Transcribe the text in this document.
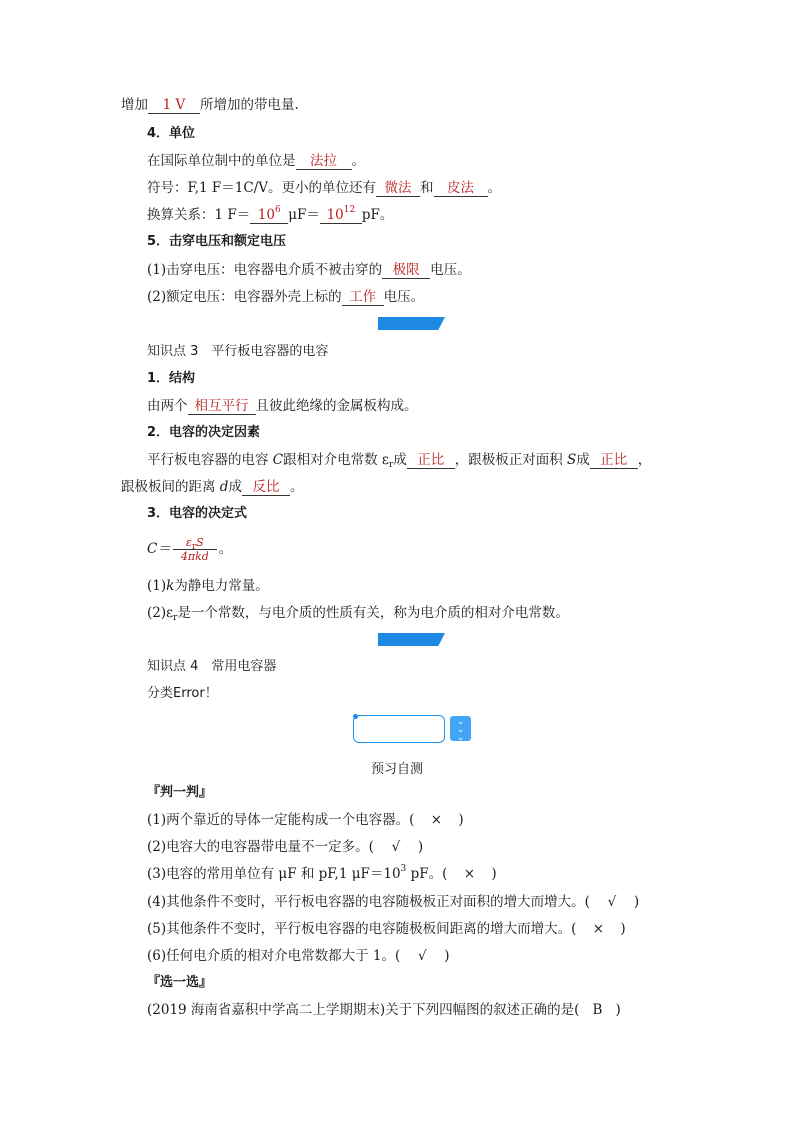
增加 1 V 所增加的带电量.
4．单位
在国际单位制中的单位是 法拉 。
符号：F,1 F＝1C/V。更小的单位还有 微法 和 皮法 。
换算关系：1 $F= 10^6$ $\mu F= 10^{12}$ pF。
5．击穿电压和额定电压
(1)击穿电压：电容器电介质不被击穿的 极限 电压。
(2)额定电压：电容器外壳上标的 工作 电压。
知识点 3　平行板电容器的电容
1．结构
由两个 相互平行 且彼此绝缘的金属板构成。
2．电容的决定因素
平行板电容器的电容 C跟相对介电常数 $\varepsilon_r$成 正比 ，跟极板正对面积 S成 正比 ，
跟极板间的距离 d成 反比 。
3．电容的决定式
$C= \frac{\varepsilon_rS}{\text{4πkd}}$ 。
(1)k为静电力常量。
$(2)\varepsilon_r$是一个常数，与电介质的性质有关，称为电介质的相对介电常数。
知识点 4　常用电容器
分类Error！
⌄
⌄
⌄
预习自测
『判一判』
(1)两个靠近的导体一定能构成一个电容器。( × )
(2)电容大的电容器带电量不一定多。( √ )
(3)电容的常用单位有 μF 和 pF,1 $\mu F=10^3$ pF。( × )
(4)其他条件不变时，平行板电容器的电容随极板正对面积的增大而增大。( √ )
(5)其他条件不变时，平行板电容器的电容随极板间距离的增大而增大。( × )
(6)任何电介质的相对介电常数都大于 1。( √ )
『选一选』
(2019 海南省嘉积中学高二上学期期末)关于下列四幅图的叙述正确的是( B )
